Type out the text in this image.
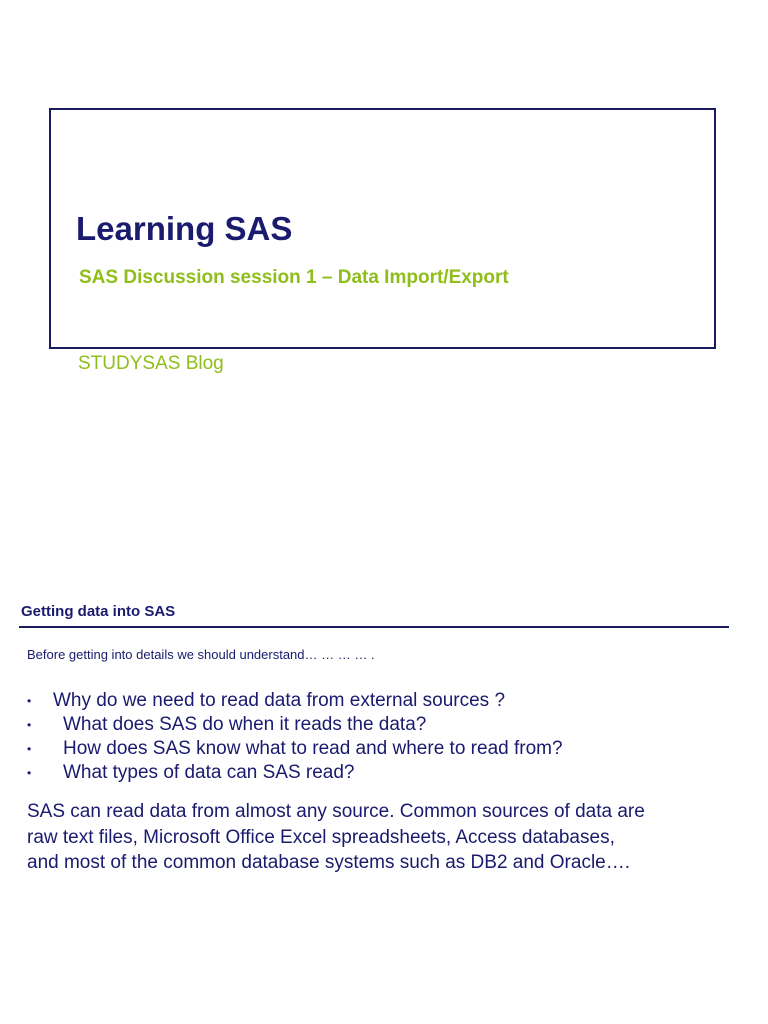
Learning SAS
SAS Discussion session 1 – Data Import/Export
STUDYSAS Blog
Getting data into SAS
Before getting into details we should understand… … … … .
• Why do we need to read data from external sources ?
• What does SAS do when it reads the data?
• How does SAS know what to read and where to read from?
• What types of data can SAS read?
SAS can read data from almost any source. Common sources of data are
raw text files, Microsoft Office Excel spreadsheets, Access databases,
and most of the common database systems such as DB2 and Oracle….
